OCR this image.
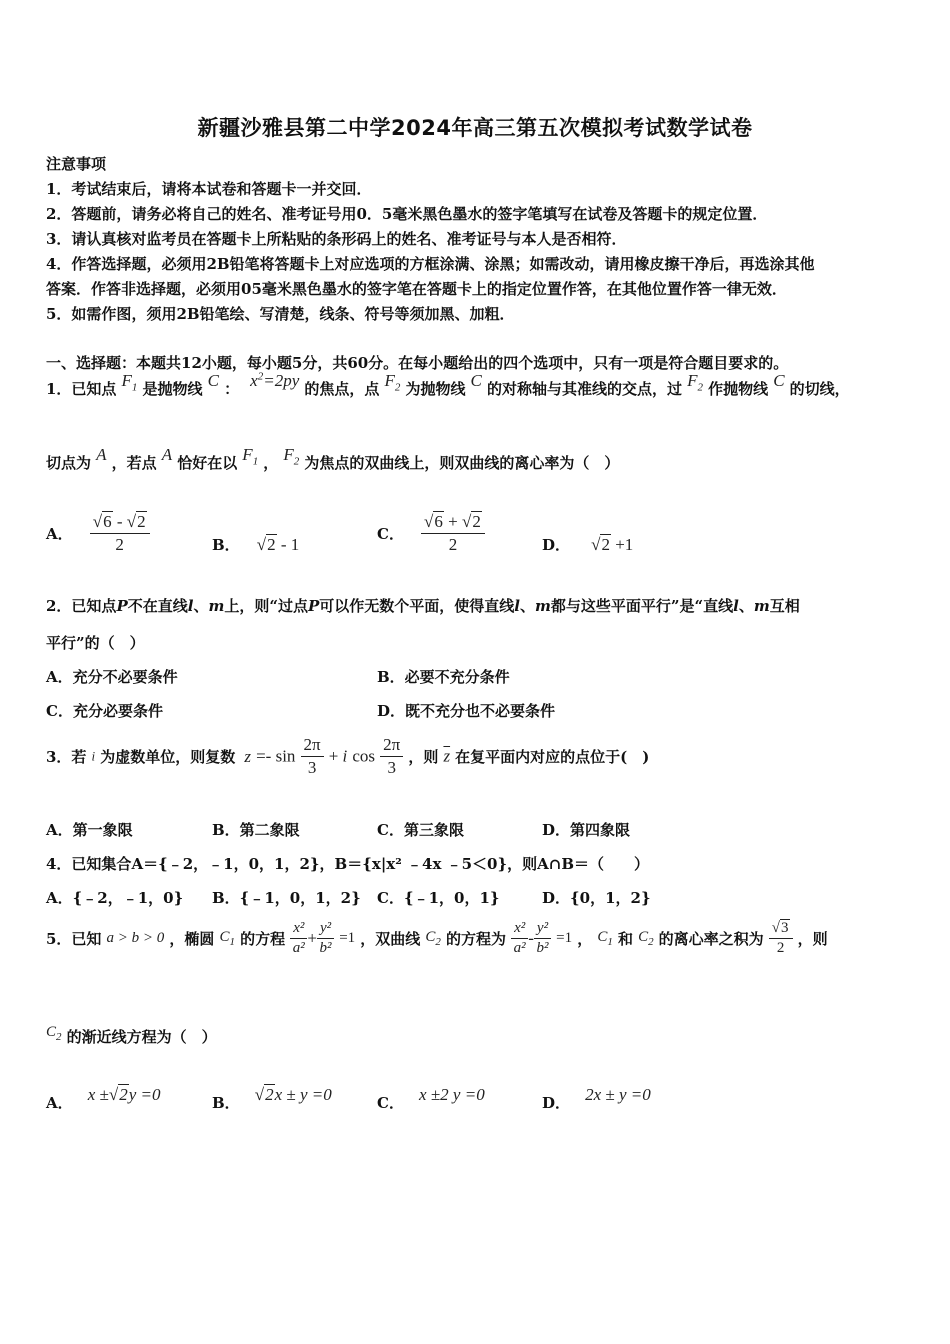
新疆沙雅县第二中学2024年高三第五次模拟考试数学试卷
注意事项
1．考试结束后，请将本试卷和答题卡一并交回．
2．答题前，请务必将自己的姓名、准考证号用0．5毫米黑色墨水的签字笔填写在试卷及答题卡的规定位置．
3．请认真核对监考员在答题卡上所粘贴的条形码上的姓名、准考证号与本人是否相符．
4．作答选择题，必须用2B铅笔将答题卡上对应选项的方框涂满、涂黑；如需改动，请用橡皮擦干净后，再选涂其他
答案．作答非选择题，必须用05毫米黑色墨水的签字笔在答题卡上的指定位置作答，在其他位置作答一律无效．
5．如需作图，须用2B铅笔绘、写清楚，线条、符号等须加黑、加粗．
一、选择题：本题共12小题，每小题5分，共60分。在每小题给出的四个选项中，只有一项是符合题目要求的。
1．已知点 $F_1$ 是抛物线 C ： $x^2=2py$ 的焦点，点 $F_2$ 为抛物线 C 的对称轴与其准线的交点，过 $F_2$ 作抛物线 C 的切线，
切点为 A ，若点 A 恰好在以 $F_1$ ， $F_2$ 为焦点的双曲线上，则双曲线的离心率为（　）
A． $\frac{√6 - √2}{2}$	B． √2 - 1
C． $\frac{√6 + √2}{2}$	D． √2 +1
2．已知点P不在直线l、m上，则“过点P可以作无数个平面，使得直线l、m都与这些平面平行”是“直线l、m互相
平行”的（　）
A．充分不必要条件	B．必要不充分条件
C．充分必要条件	D．既不充分也不必要条件
3．若 i 为虚数单位，则复数 $z =- \sin \frac{2\pi}{3} + i$ $\cos \frac{2\pi}{3}$ ，则 $\overline{z}$ 在复平面内对应的点位于(　)
A．第一象限	B．第二象限	C．第三象限	D．第四象限
4．已知集合A＝{﹣2，﹣1，0，1，2}，B＝{x|x² ﹣4x ﹣5＜0}，则A∩B＝（　　）
A．{﹣2，﹣1，0} B．{﹣1，0，1，2} C．{﹣1，0，1}	D．{0，1，2}
5．已知 a > b > 0 ，椭圆 $C_1$ 的方程 $\frac{\text{x²}}{\text{a²}} + \frac{\text{y²}}{\text{b²}} =1$ ，双曲线 $C_2$ 的方程为 $\frac{\text{x²}}{\text{a²}} - \frac{\text{y²}}{\text{b²}} =1$ ， $C_1$ 和 $C_2$ 的离心率之积为 $\frac{√3}{2}$ ，则
$C_2$ 的渐近线方程为（　）
A． x ±√2y =0	B． √2x ± y =0	C． x ±2 y =0	D． 2x ± y =0
